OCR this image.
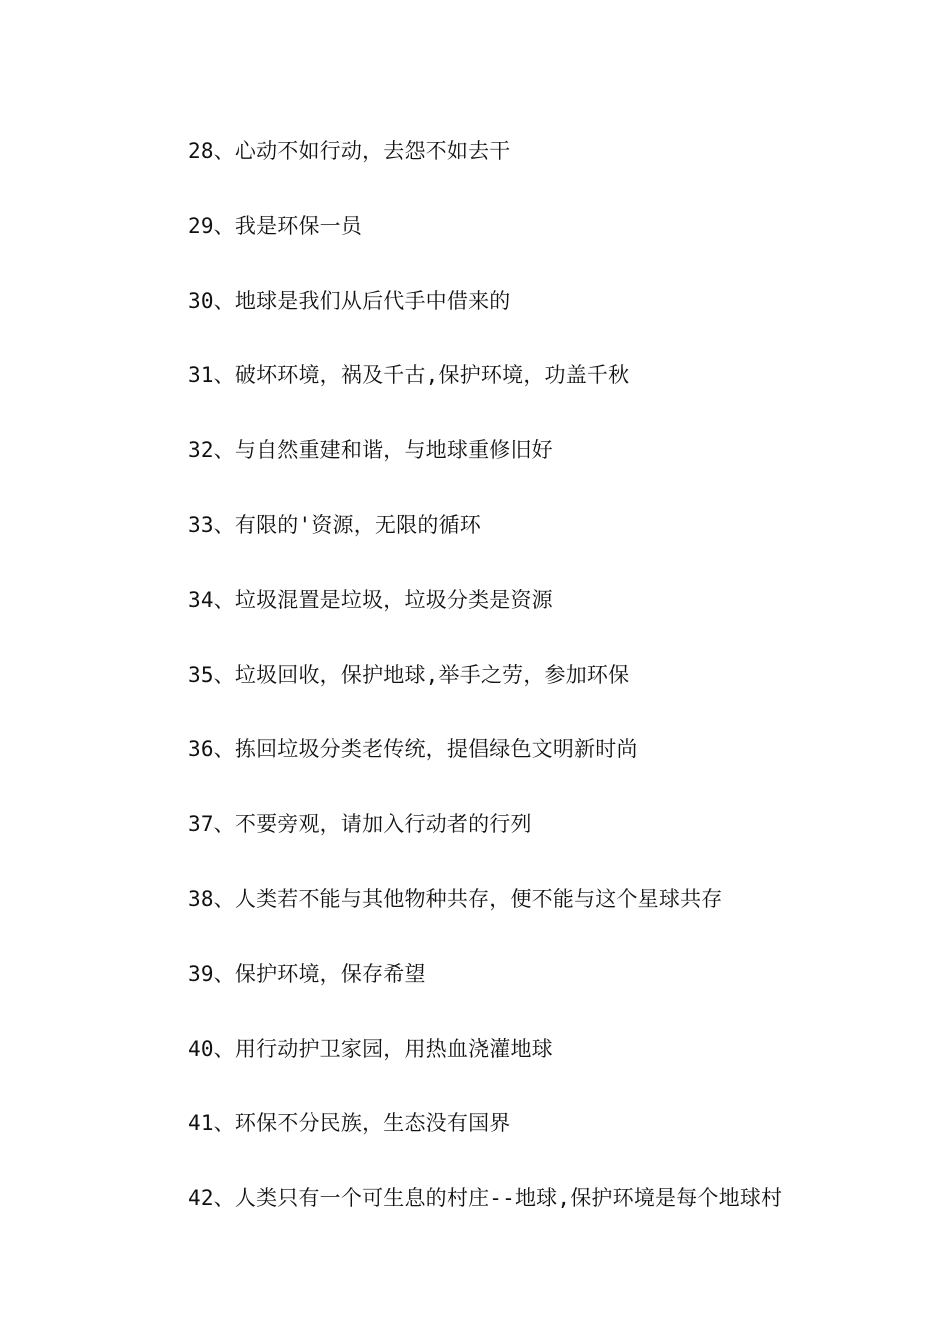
28、心动不如行动，去怨不如去干
29、我是环保一员
30、地球是我们从后代手中借来的
31、破坏环境，祸及千古,保护环境，功盖千秋
32、与自然重建和谐，与地球重修旧好
33、有限的'资源，无限的循环
34、垃圾混置是垃圾，垃圾分类是资源
35、垃圾回收，保护地球,举手之劳，参加环保
36、拣回垃圾分类老传统，提倡绿色文明新时尚
37、不要旁观，请加入行动者的行列
38、人类若不能与其他物种共存，便不能与这个星球共存
39、保护环境，保存希望
40、用行动护卫家园，用热血浇灌地球
41、环保不分民族，生态没有国界
42、人类只有一个可生息的村庄--地球,保护环境是每个地球村
